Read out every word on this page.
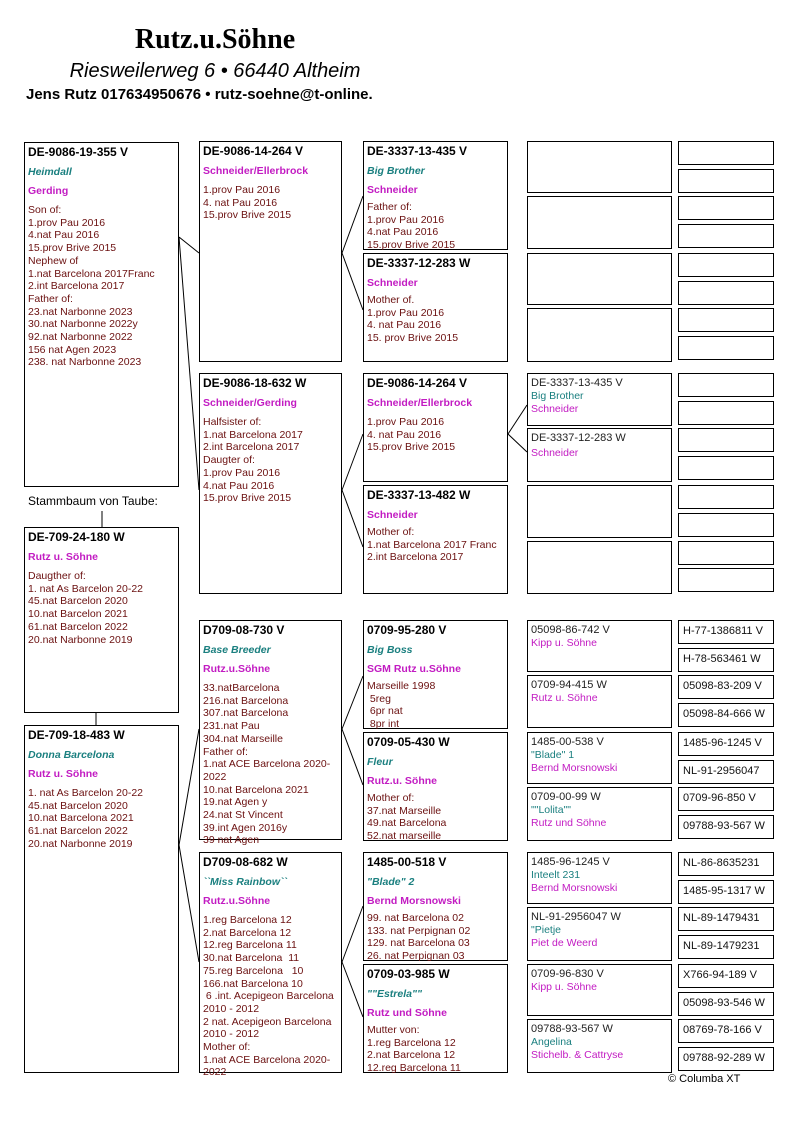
Rutz.u.Söhne
Riesweilerweg 6 • 66440 Altheim
Jens Rutz 017634950676 • rutz-soehne@t-online.
DE-9086-19-355 V
Heimdall
Gerding
Son of:
1.prov Pau 2016
4.nat Pau 2016
15.prov Brive 2015
Nephew of
1.nat Barcelona 2017Franc
2.int Barcelona 2017
Father of:
23.nat Narbonne 2023
30.nat Narbonne 2022y
92.nat Narbonne 2022
156 nat Agen 2023
238. nat Narbonne 2023
Stammbaum von Taube:
DE-709-24-180 W
Rutz u. Söhne
Daugther of:
1. nat As Barcelon 20-22
45.nat Barcelon 2020
10.nat Barcelon 2021
61.nat Barcelon 2022
20.nat Narbonne 2019
DE-709-18-483 W
Donna Barcelona
Rutz u. Söhne
1. nat As Barcelon 20-22
45.nat Barcelon 2020
10.nat Barcelona 2021
61.nat Barcelon 2022
20.nat Narbonne 2019
DE-9086-14-264 V
Schneider/Ellerbrock
1.prov Pau 2016
4. nat Pau 2016
15.prov Brive 2015
DE-9086-18-632 W
Schneider/Gerding
Halfsister of:
1.nat Barcelona 2017
2.int Barcelona 2017
Daugter of:
1.prov Pau 2016
4.nat Pau 2016
15.prov Brive 2015
D709-08-730 V
Base Breeder
Rutz.u.Söhne
33.natBarcelona
216.nat Barcelona
307.nat Barcelona
231.nat Pau
304.nat Marseille
Father of:
1.nat ACE Barcelona 2020-
2022
10.nat Barcelona 2021
19.nat Agen y
24.nat St Vincent
39.int Agen 2016y
39 nat Agen
D709-08-682 W
``Miss Rainbow``
Rutz.u.Söhne
1.reg Barcelona 12
2.nat Barcelona 12
12.reg Barcelona 11
30.nat Barcelona  11
75.reg Barcelona   10
166.nat Barcelona 10
6 .int. Acepigeon Barcelona
2010 - 2012
2 nat. Acepigeon Barcelona
2010 - 2012
Mother of:
1.nat ACE Barcelona 2020-
2022
DE-3337-13-435 V
Big Brother
Schneider
Father of:
1.prov Pau 2016
4.nat Pau 2016
15.prov Brive 2015
DE-3337-12-283 W
Schneider
Mother of.
1.prov Pau 2016
4. nat Pau 2016
15. prov Brive 2015
DE-9086-14-264 V
Schneider/Ellerbrock
1.prov Pau 2016
4. nat Pau 2016
15.prov Brive 2015
DE-3337-13-482 W
Schneider
Mother of:
1.nat Barcelona 2017 Franc
2.int Barcelona 2017
0709-95-280 V
Big Boss
SGM Rutz u.Söhne
Marseille 1998
5reg
6pr nat
8pr int
0709-05-430 W
Fleur
Rutz.u. Söhne
Mother of:
37.nat Marseille
49.nat Barcelona
52.nat marseille
1485-00-518 V
"Blade" 2
Bernd Morsnowski
99. nat Barcelona 02
133. nat Perpignan 02
129. nat Barcelona 03
26. nat Perpignan 03
0709-03-985 W
""Estrela""
Rutz und Söhne
Mutter von:
1.reg Barcelona 12
2.nat Barcelona 12
12.reg Barcelona 11
DE-3337-13-435 V
Big Brother
Schneider
DE-3337-12-283 W
Schneider
05098-86-742 V
Kipp u. Söhne
0709-94-415 W
Rutz u. Söhne
1485-00-538 V
"Blade" 1
Bernd Morsnowski
0709-00-99 W
""Lolita""
Rutz und Söhne
1485-96-1245 V
Inteelt 231
Bernd Morsnowski
NL-91-2956047 W
"Pietje
Piet de Weerd
0709-96-830 V
Kipp u. Söhne
09788-93-567 W
Angelina
Stichelb. & Cattryse
H-77-1386811 V
H-78-563461 W
05098-83-209 V
05098-84-666 W
1485-96-1245 V
NL-91-2956047
0709-96-850 V
09788-93-567 W
NL-86-8635231
1485-95-1317 W
NL-89-1479431
NL-89-1479231
X766-94-189 V
05098-93-546 W
08769-78-166 V
09788-92-289 W
© Columba XT
